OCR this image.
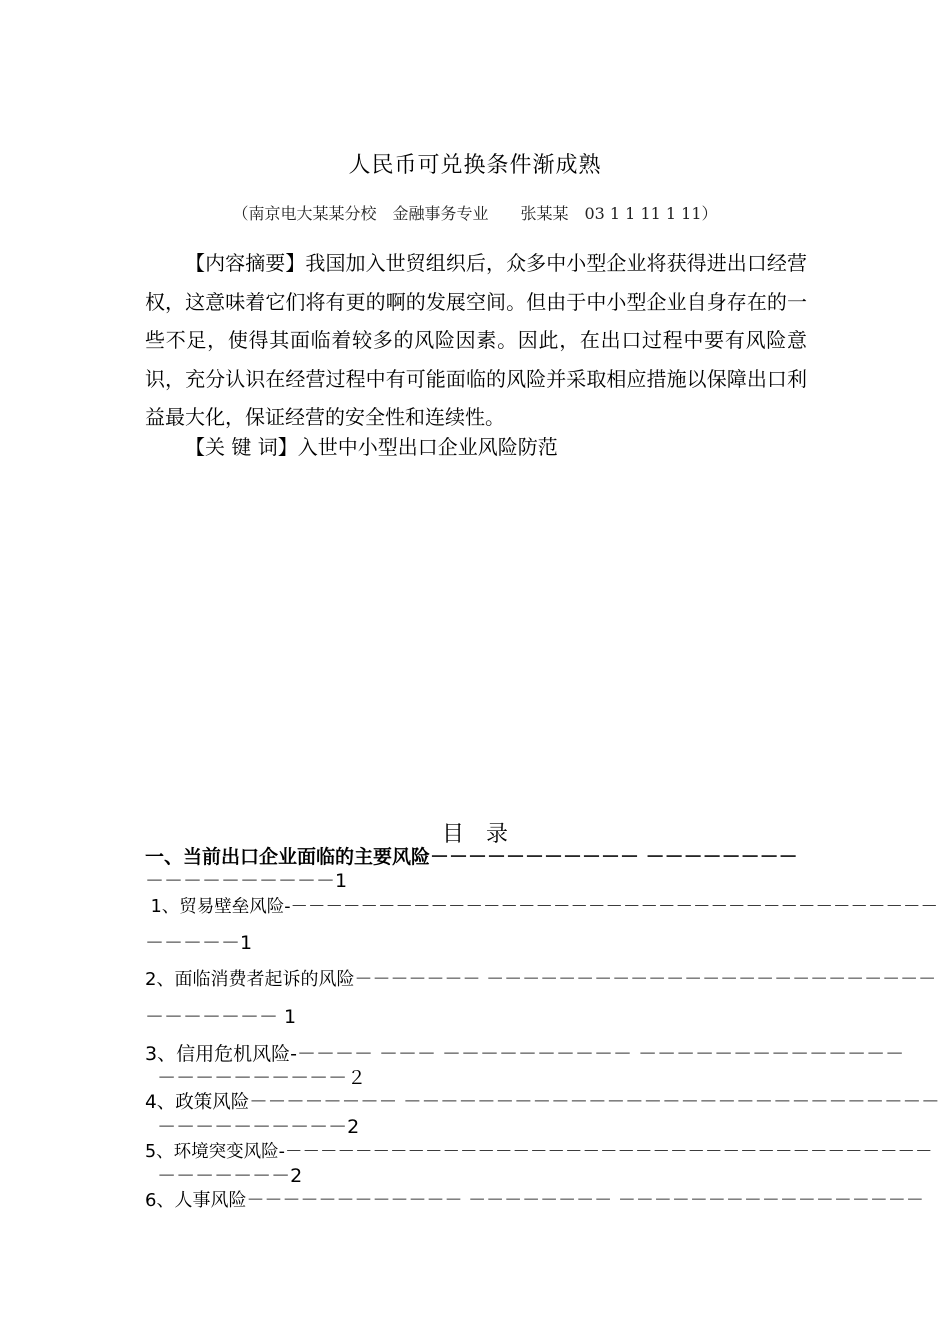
人民币可兑换条件渐成熟
（南京电大某某分校　金融事务专业　　张某某　03 1 1 11 1 11）

【内容摘要】我国加入世贸组织后，众多中小型企业将获得进出口经营权，这意味着它们将有更的啊的发展空间。但由于中小型企业自身存在的一些不足，使得其面临着较多的风险因素。因此，在出口过程中要有风险意识，充分认识在经营过程中有可能面临的风险并采取相应措施以保障出口利益最大化，保证经营的安全性和连续性。

【关 键 词】入世中小型出口企业风险防范
目　录
一、当前出口企业面临的主要风险－－－－－－－－－－－ －－－－－－－－
－－－－－－－－－－1
1、贸易壁垒风险-－－－－－－－－－－－－－－－－－－－－－－－－－－－－－－－－－－－－－
－－－－－1
2、面临消费者起诉的风险－－－－－－－ －－－－－－－－－－－－－－－－－－－－－－－－－
－－－－－－－ 1
3、信用危机风险-－－－－ －－－ －－－－－－－－－－ －－－－－－－－－－－－－－
－－－－－－－－－－２
4、政策风险－－－－－－－－ －－－－－－－－－－－－－－－－－－－－－－－－－－－－－
－－－－－－－－－－2
5、环境突变风险-－－－－－－－－－－－－－－－－－－－－－－－－－－－－－－－－－－－－－
－－－－－－－2
6、人事风险－－－－－－－－－－－－ －－－－－－－－ －－－－－－－－－－－－－－－－－
